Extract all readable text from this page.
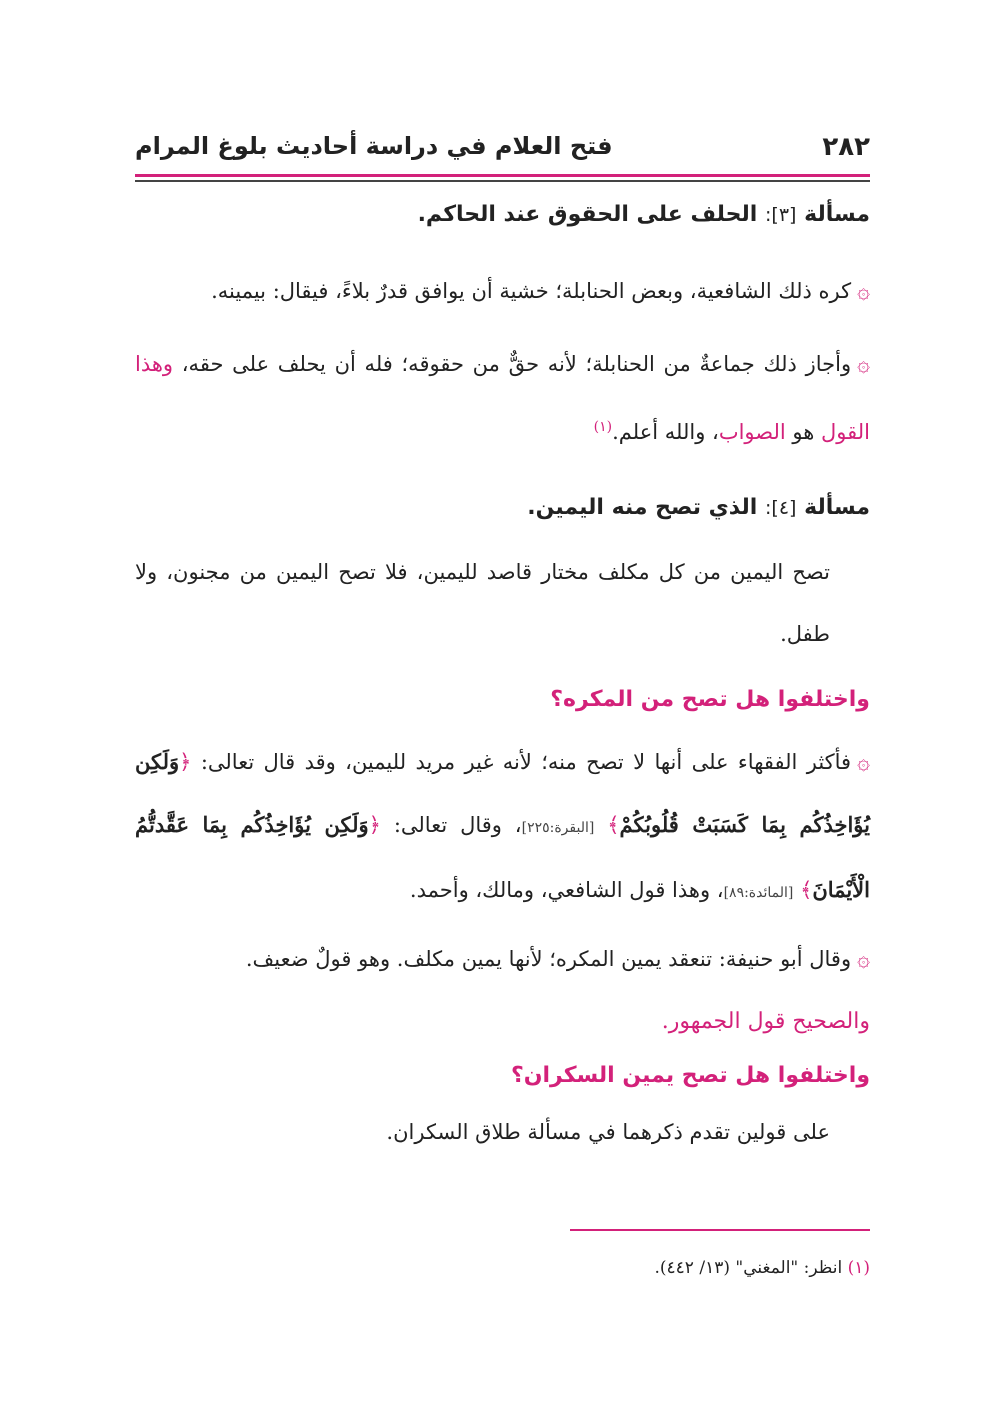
٢٨٢
فتح العلام في دراسة أحاديث بلوغ المرام

مسألة [٣]: الحلف على الحقوق عند الحاكم.

۞كره ذلك الشافعية، وبعض الحنابلة؛ خشية أن يوافق قدرٌ بلاءً، فيقال: بيمينه.

۞وأجاز ذلك جماعةٌ من الحنابلة؛ لأنه حقٌّ من حقوقه؛ فله أن يحلف على حقه، وهذا القول هو الصواب، والله أعلم.$^{(١)}$

مسألة [٤]: الذي تصح منه اليمين.

تصح اليمين من كل مكلف مختار قاصد لليمين، فلا تصح اليمين من مجنون، ولا طفل.

واختلفوا هل تصح من المكره؟

۞فأكثر الفقهاء على أنها لا تصح منه؛ لأنه غير مريد لليمين، وقد قال تعالى: ﴿وَلَكِن يُؤَاخِذُكُم بِمَا كَسَبَتْ قُلُوبُكُمْ﴾ [البقرة:٢٢٥]، وقال تعالى: ﴿وَلَكِن يُؤَاخِذُكُم بِمَا عَقَّدتُّمُ الْأَيْمَانَ﴾ [المائدة:٨٩]، وهذا قول الشافعي، ومالك، وأحمد.

۞وقال أبو حنيفة: تنعقد يمين المكره؛ لأنها يمين مكلف. وهو قولٌ ضعيف.

والصحيح قول الجمهور.

واختلفوا هل تصح يمين السكران؟

على قولين تقدم ذكرهما في مسألة طلاق السكران.

(١) انظر: "المغني" (١٣/ ٤٤٢).
